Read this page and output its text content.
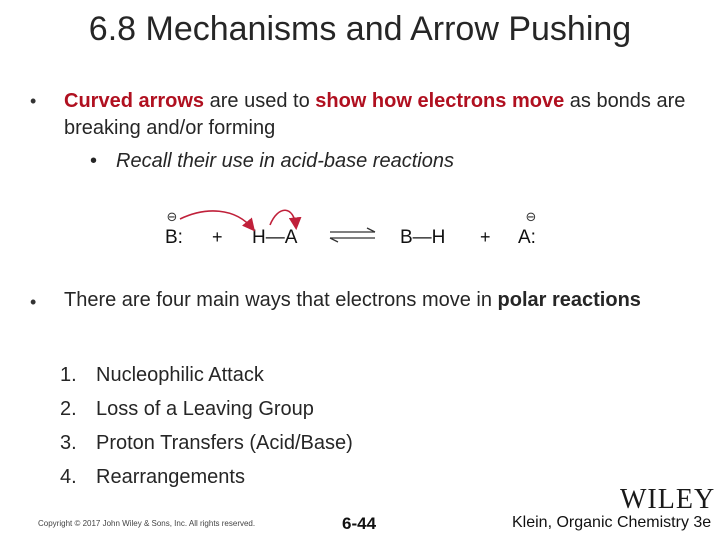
6.8 Mechanisms and Arrow Pushing
• Curved arrows are used to show how electrons move as bonds are breaking and/or forming
• Recall their use in acid-base reactions
⊖
B: + H—A	B—H +
⊖
A:
• There are four main ways that electrons move in polar reactions
1. Nucleophilic Attack
2. Loss of a Leaving Group
3. Proton Transfers (Acid/Base)
4. Rearrangements
WILEY
Copyright © 2017 John Wiley & Sons, Inc. All rights reserved.	6-44	Klein, Organic Chemistry 3e
